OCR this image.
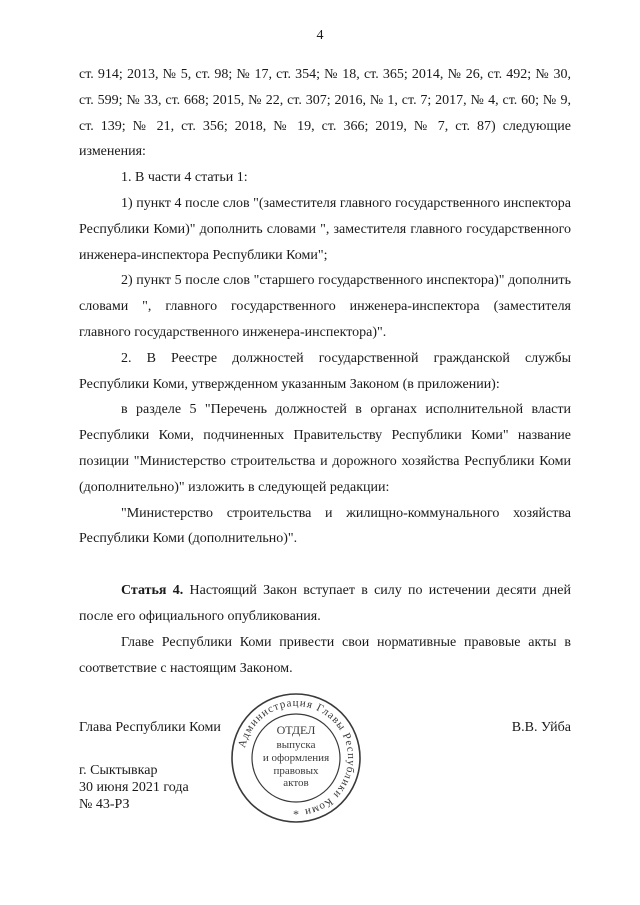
4

ст. 914; 2013, № 5, ст. 98; № 17, ст. 354; № 18, ст. 365; 2014, № 26, ст. 492; № 30, ст. 599; № 33, ст. 668; 2015, № 22, ст. 307; 2016, № 1, ст. 7; 2017, № 4, ст. 60; № 9, ст. 139; № 21, ст. 356; 2018, № 19, ст. 366; 2019, № 7, ст. 87) следующие изменения:

1. В части 4 статьи 1:

1) пункт 4 после слов "(заместителя главного государственного инспектора Республики Коми)" дополнить словами ", заместителя главного государственного инженера-инспектора Республики Коми";

2) пункт 5 после слов "старшего государственного инспектора)" дополнить словами ", главного государственного инженера-инспектора (заместителя главного государственного инженера-инспектора)".

2. В Реестре должностей государственной гражданской службы Республики Коми, утвержденном указанным Законом (в приложении):

в разделе 5 "Перечень должностей в органах исполнительной власти Республики Коми, подчиненных Правительству Республики Коми" название позиции "Министерство строительства и дорожного хозяйства Республики Коми (дополнительно)" изложить в следующей редакции:

"Министерство строительства и жилищно-коммунального хозяйства Республики Коми (дополнительно)".

Статья 4. Настоящий Закон вступает в силу по истечении десяти дней после его официального опубликования.

Главе Республики Коми привести свои нормативные правовые акты в соответствие с настоящим Законом.

Глава Республики Коми	В.В. Уйба
г. Сыктывкар
30 июня 2021 года
№ 43-РЗ
Администрация Главы Республики Коми
ОТДЕЛ
выпуска
и оформления
правовых
актов
*
